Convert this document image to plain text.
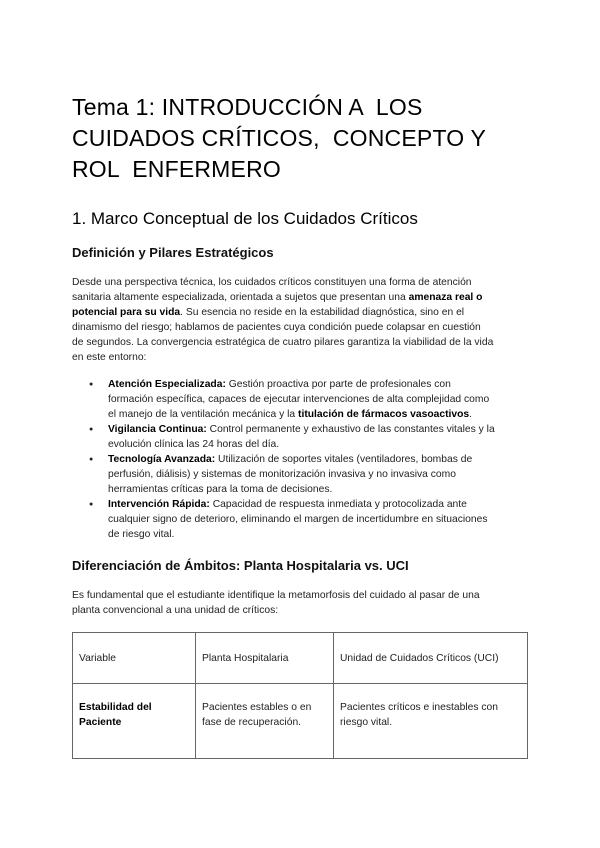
Tema 1: INTRODUCCIÓN A  LOS
CUIDADOS CRÍTICOS,  CONCEPTO Y
ROL  ENFERMERO
1. Marco Conceptual de los Cuidados Críticos
Definición y Pilares Estratégicos

Desde una perspectiva técnica, los cuidados críticos constituyen una forma de atención
sanitaria altamente especializada, orientada a sujetos que presentan una amenaza real o
potencial para su vida. Su esencia no reside en la estabilidad diagnóstica, sino en el
dinamismo del riesgo; hablamos de pacientes cuya condición puede colapsar en cuestión
de segundos. La convergencia estratégica de cuatro pilares garantiza la viabilidad de la vida
en este entorno:

● Atención Especializada: Gestión proactiva por parte de profesionales con
formación específica, capaces de ejecutar intervenciones de alta complejidad como
el manejo de la ventilación mecánica y la titulación de fármacos vasoactivos.
● Vigilancia Continua: Control permanente y exhaustivo de las constantes vitales y la
evolución clínica las 24 horas del día.
● Tecnología Avanzada: Utilización de soportes vitales (ventiladores, bombas de
perfusión, diálisis) y sistemas de monitorización invasiva y no invasiva como
herramientas críticas para la toma de decisiones.
● Intervención Rápida: Capacidad de respuesta inmediata y protocolizada ante
cualquier signo de deterioro, eliminando el margen de incertidumbre en situaciones
de riesgo vital.
Diferenciación de Ámbitos: Planta Hospitalaria vs. UCI

Es fundamental que el estudiante identifique la metamorfosis del cuidado al pasar de una
planta convencional a una unidad de críticos:

Variable	Planta Hospitalaria	Unidad de Cuidados Críticos (UCI)

Estabilidad del
Paciente	Pacientes estables o en
fase de recuperación.	Pacientes críticos e inestables con
riesgo vital.
